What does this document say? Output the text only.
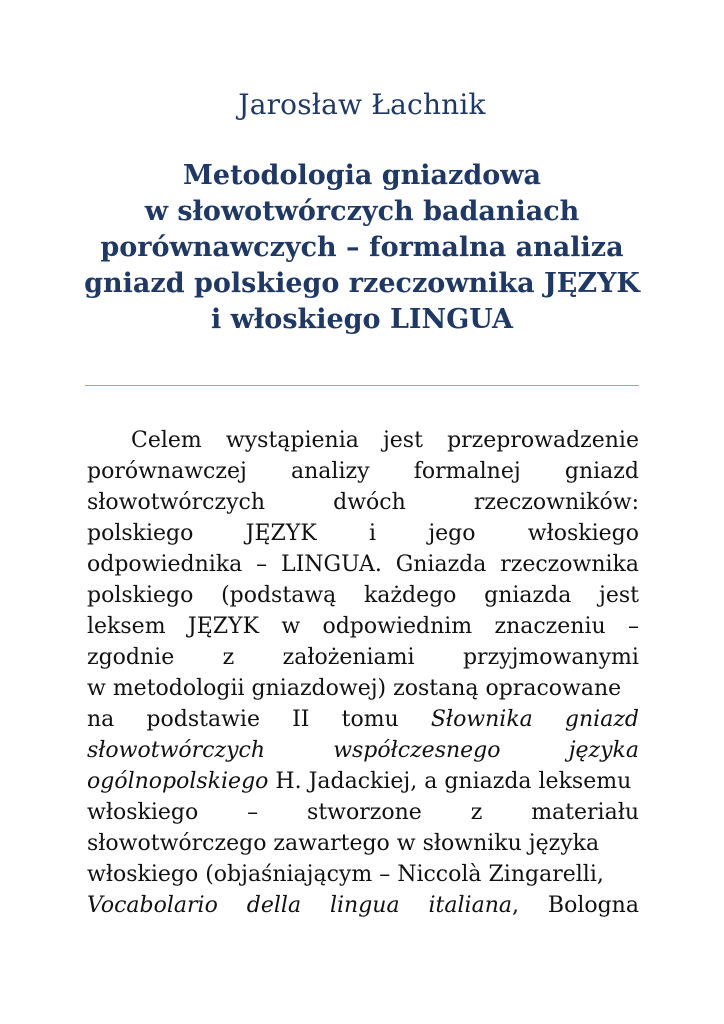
Jarosław Łachnik
Metodologia gniazdowa
w słowotwórczych badaniach
porównawczych – formalna analiza
gniazd polskiego rzeczownika JĘZYK
i włoskiego LINGUA
Celem wystąpienia jest przeprowadzenie
porównawczej analizy formalnej gniazd
słowotwórczych	dwóch	rzeczowników:
polskiego JĘZYK i jego włoskiego
odpowiednika – LINGUA. Gniazda rzeczownika
polskiego (podstawą każdego gniazda jest
leksem JĘZYK w odpowiednim znaczeniu –
zgodnie z założeniami przyjmowanymi
w metodologii gniazdowej) zostaną opracowane
na podstawie II tomu Słownika gniazd
słowotwórczych	współczesnego	języka
ogólnopolskiego H. Jadackiej, a gniazda leksemu
włoskiego – stworzone z materiału
słowotwórczego zawartego w słowniku języka
włoskiego (objaśniającym – Niccolà Zingarelli,
Vocabolario della lingua italiana, Bologna
